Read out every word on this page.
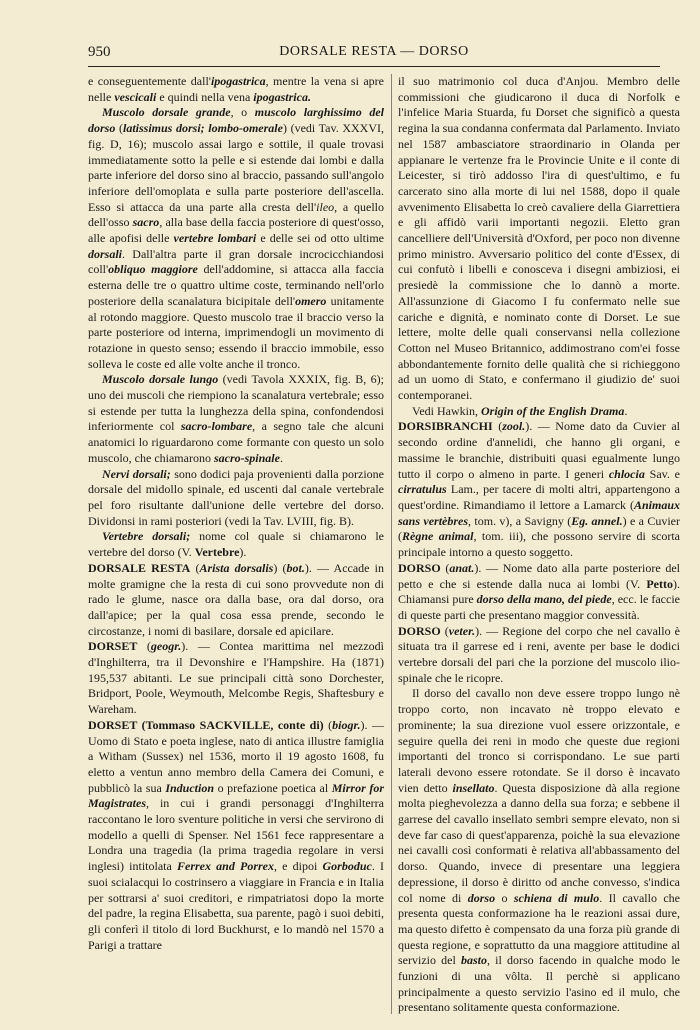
950	DORSALE RESTA — DORSO

e conseguentemente dall'ipogastrica, mentre la vena si apre nelle vescicali e quindi nella vena ipogastrica.

Muscolo dorsale grande, o muscolo larghissimo del dorso (latissimus dorsi; lombo-omerale) (vedi Tav. XXXVI, fig. D, 16); muscolo assai largo e sottile, il quale trovasi immediatamente sotto la pelle e si estende dai lombi e dalla parte inferiore del dorso sino al braccio, passando sull'angolo inferiore dell'omoplata e sulla parte posteriore dell'ascella. Esso si attacca da una parte alla cresta dell'ileo, a quello dell'osso sacro, alla base della faccia posteriore di quest'osso, alle apofisi delle vertebre lombari e delle sei od otto ultime dorsali. Dall'altra parte il gran dorsale incrocicchiandosi coll'obliquo maggiore dell'addomine, si attacca alla faccia esterna delle tre o quattro ultime coste, terminando nell'orlo posteriore della scanalatura bicipitale dell'omero unitamente al rotondo maggiore. Questo muscolo trae il braccio verso la parte posteriore od interna, imprimendogli un movimento di rotazione in questo senso; essendo il braccio immobile, esso solleva le coste ed alle volte anche il tronco.

Muscolo dorsale lungo (vedi Tavola XXXIX, fig. B, 6); uno dei muscoli che riempiono la scanalatura vertebrale; esso si estende per tutta la lunghezza della spina, confondendosi inferiormente col sacro-lombare, a segno tale che alcuni anatomici lo riguardarono come formante con questo un solo muscolo, che chiamarono sacro-spinale.

Nervi dorsali; sono dodici paja provenienti dalla porzione dorsale del midollo spinale, ed uscenti dal canale vertebrale pel foro risultante dall'unione delle vertebre del dorso. Dividonsi in rami posteriori (vedi la Tav. LVIII, fig. B).

Vertebre dorsali; nome col quale si chiamarono le vertebre del dorso (V. Vertebre).

DORSALE RESTA (Arista dorsalis) (bot.). — Accade in molte gramigne che la resta di cui sono provvedute non di rado le glume, nasce ora dalla base, ora dal dorso, ora dall'apice; per la qual cosa essa prende, secondo le circostanze, i nomi di basilare, dorsale ed apicilare.

DORSET (geogr.). — Contea marittima nel mezzodì d'Inghilterra, tra il Devonshire e l'Hampshire. Ha (1871) 195,537 abitanti. Le sue principali città sono Dorchester, Bridport, Poole, Weymouth, Melcombe Regis, Shaftesbury e Wareham.

DORSET (Tommaso SACKVILLE, conte di) (biogr.). — Uomo di Stato e poeta inglese, nato di antica illustre famiglia a Witham (Sussex) nel 1536, morto il 19 agosto 1608, fu eletto a ventun anno membro della Camera dei Comuni, e pubblicò la sua Induction o prefazione poetica al Mirror for Magistrates, in cui i grandi personaggi d'Inghilterra raccontano le loro sventure politiche in versi che servirono di modello a quelli di Spenser. Nel 1561 fece rappresentare a Londra una tragedia (la prima tragedia regolare in versi inglesi) intitolata Ferrex and Porrex, e dipoi Gorboduc. I suoi scialacqui lo costrinsero a viaggiare in Francia e in Italia per sottrarsi a' suoi creditori, e rimpatriatosi dopo la morte del padre, la regina Elisabetta, sua parente, pagò i suoi debiti, gli conferì il titolo di lord Buckhurst, e lo mandò nel 1570 a Parigi a trattare

il suo matrimonio col duca d'Anjou. Membro delle commissioni che giudicarono il duca di Norfolk e l'infelice Maria Stuarda, fu Dorset che significò a questa regina la sua condanna confermata dal Parlamento. Inviato nel 1587 ambasciatore straordinario in Olanda per appianare le vertenze fra le Provincie Unite e il conte di Leicester, si tirò addosso l'ira di quest'ultimo, e fu carcerato sino alla morte di lui nel 1588, dopo il quale avvenimento Elisabetta lo creò cavaliere della Giarrettiera e gli affidò varii importanti negozii. Eletto gran cancelliere dell'Università d'Oxford, per poco non divenne primo ministro. Avversario politico del conte d'Essex, di cui confutò i libelli e conosceva i disegni ambiziosi, ei presiedè la commissione che lo dannò a morte. All'assunzione di Giacomo I fu confermato nelle sue cariche e dignità, e nominato conte di Dorset. Le sue lettere, molte delle quali conservansi nella collezione Cotton nel Museo Britannico, addimostrano com'ei fosse abbondantemente fornito delle qualità che si richieggono ad un uomo di Stato, e confermano il giudizio de' suoi contemporanei.

Vedi Hawkin, Origin of the English Drama.

DORSIBRANCHI (zool.). — Nome dato da Cuvier al secondo ordine d'annelidi, che hanno gli organi, e massime le branchie, distribuiti quasi egualmente lungo tutto il corpo o almeno in parte. I generi chlocia Sav. e cirratulus Lam., per tacere di molti altri, appartengono a quest'ordine. Rimandiamo il lettore a Lamarck (Animaux sans vertèbres, tom. v), a Savigny (Eg. annel.) e a Cuvier (Règne animal, tom. iii), che possono servire di scorta principale intorno a questo soggetto.

DORSO (anat.). — Nome dato alla parte posteriore del petto e che si estende dalla nuca ai lombi (V. Petto). Chiamansi pure dorso della mano, del piede, ecc. le faccie di queste parti che presentano maggior convessità.

DORSO (veter.). — Regione del corpo che nel cavallo è situata tra il garrese ed i reni, avente per base le dodici vertebre dorsali del pari che la porzione del muscolo ilio-spinale che le ricopre.

Il dorso del cavallo non deve essere troppo lungo nè troppo corto, non incavato nè troppo elevato e prominente; la sua direzione vuol essere orizzontale, e seguire quella dei reni in modo che queste due regioni importanti del tronco si corrispondano. Le sue parti laterali devono essere rotondate. Se il dorso è incavato vien detto insellato. Questa disposizione dà alla regione molta pieghevolezza a danno della sua forza; e sebbene il garrese del cavallo insellato sembri sempre elevato, non si deve far caso di quest'apparenza, poichè la sua elevazione nei cavalli così conformati è relativa all'abbassamento del dorso. Quando, invece di presentare una leggiera depressione, il dorso è diritto od anche convesso, s'indica col nome di dorso o schiena di mulo. Il cavallo che presenta questa conformazione ha le reazioni assai dure, ma questo difetto è compensato da una forza più grande di questa regione, e soprattutto da una maggiore attitudine al servizio del basto, il dorso facendo in qualche modo le funzioni di una vôlta. Il perchè si applicano principalmente a questo servizio l'asino ed il mulo, che presentano solitamente questa conformazione.
